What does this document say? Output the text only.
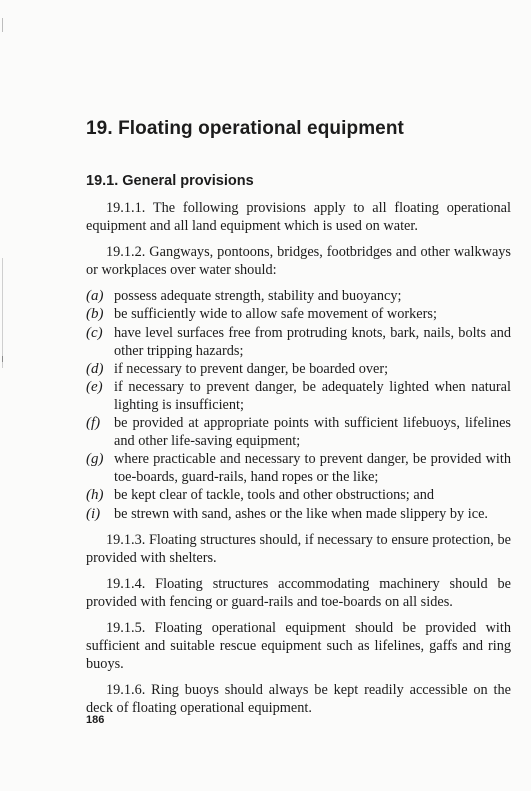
19. Floating operational equipment
19.1. General provisions

19.1.1. The following provisions apply to all floating operational equipment and all land equipment which is used on water.

19.1.2. Gangways, pontoons, bridges, footbridges and other walkways or workplaces over water should:

(a) possess adequate strength, stability and buoyancy;
(b) be sufficiently wide to allow safe movement of workers;
(c) have level surfaces free from protruding knots, bark, nails, bolts and other tripping hazards;
(d) if necessary to prevent danger, be boarded over;
(e) if necessary to prevent danger, be adequately lighted when natural lighting is insufficient;
(f) be provided at appropriate points with sufficient lifebuoys, lifelines and other life-saving equipment;
(g) where practicable and necessary to prevent danger, be provided with toe-boards, guard-rails, hand ropes or the like;
(h) be kept clear of tackle, tools and other obstructions; and
(i) be strewn with sand, ashes or the like when made slippery by ice.

19.1.3. Floating structures should, if necessary to ensure protection, be provided with shelters.

19.1.4. Floating structures accommodating machinery should be provided with fencing or guard-rails and toe-boards on all sides.

19.1.5. Floating operational equipment should be provided with sufficient and suitable rescue equipment such as lifelines, gaffs and ring buoys.

19.1.6. Ring buoys should always be kept readily accessible on the deck of floating operational equipment.

186
